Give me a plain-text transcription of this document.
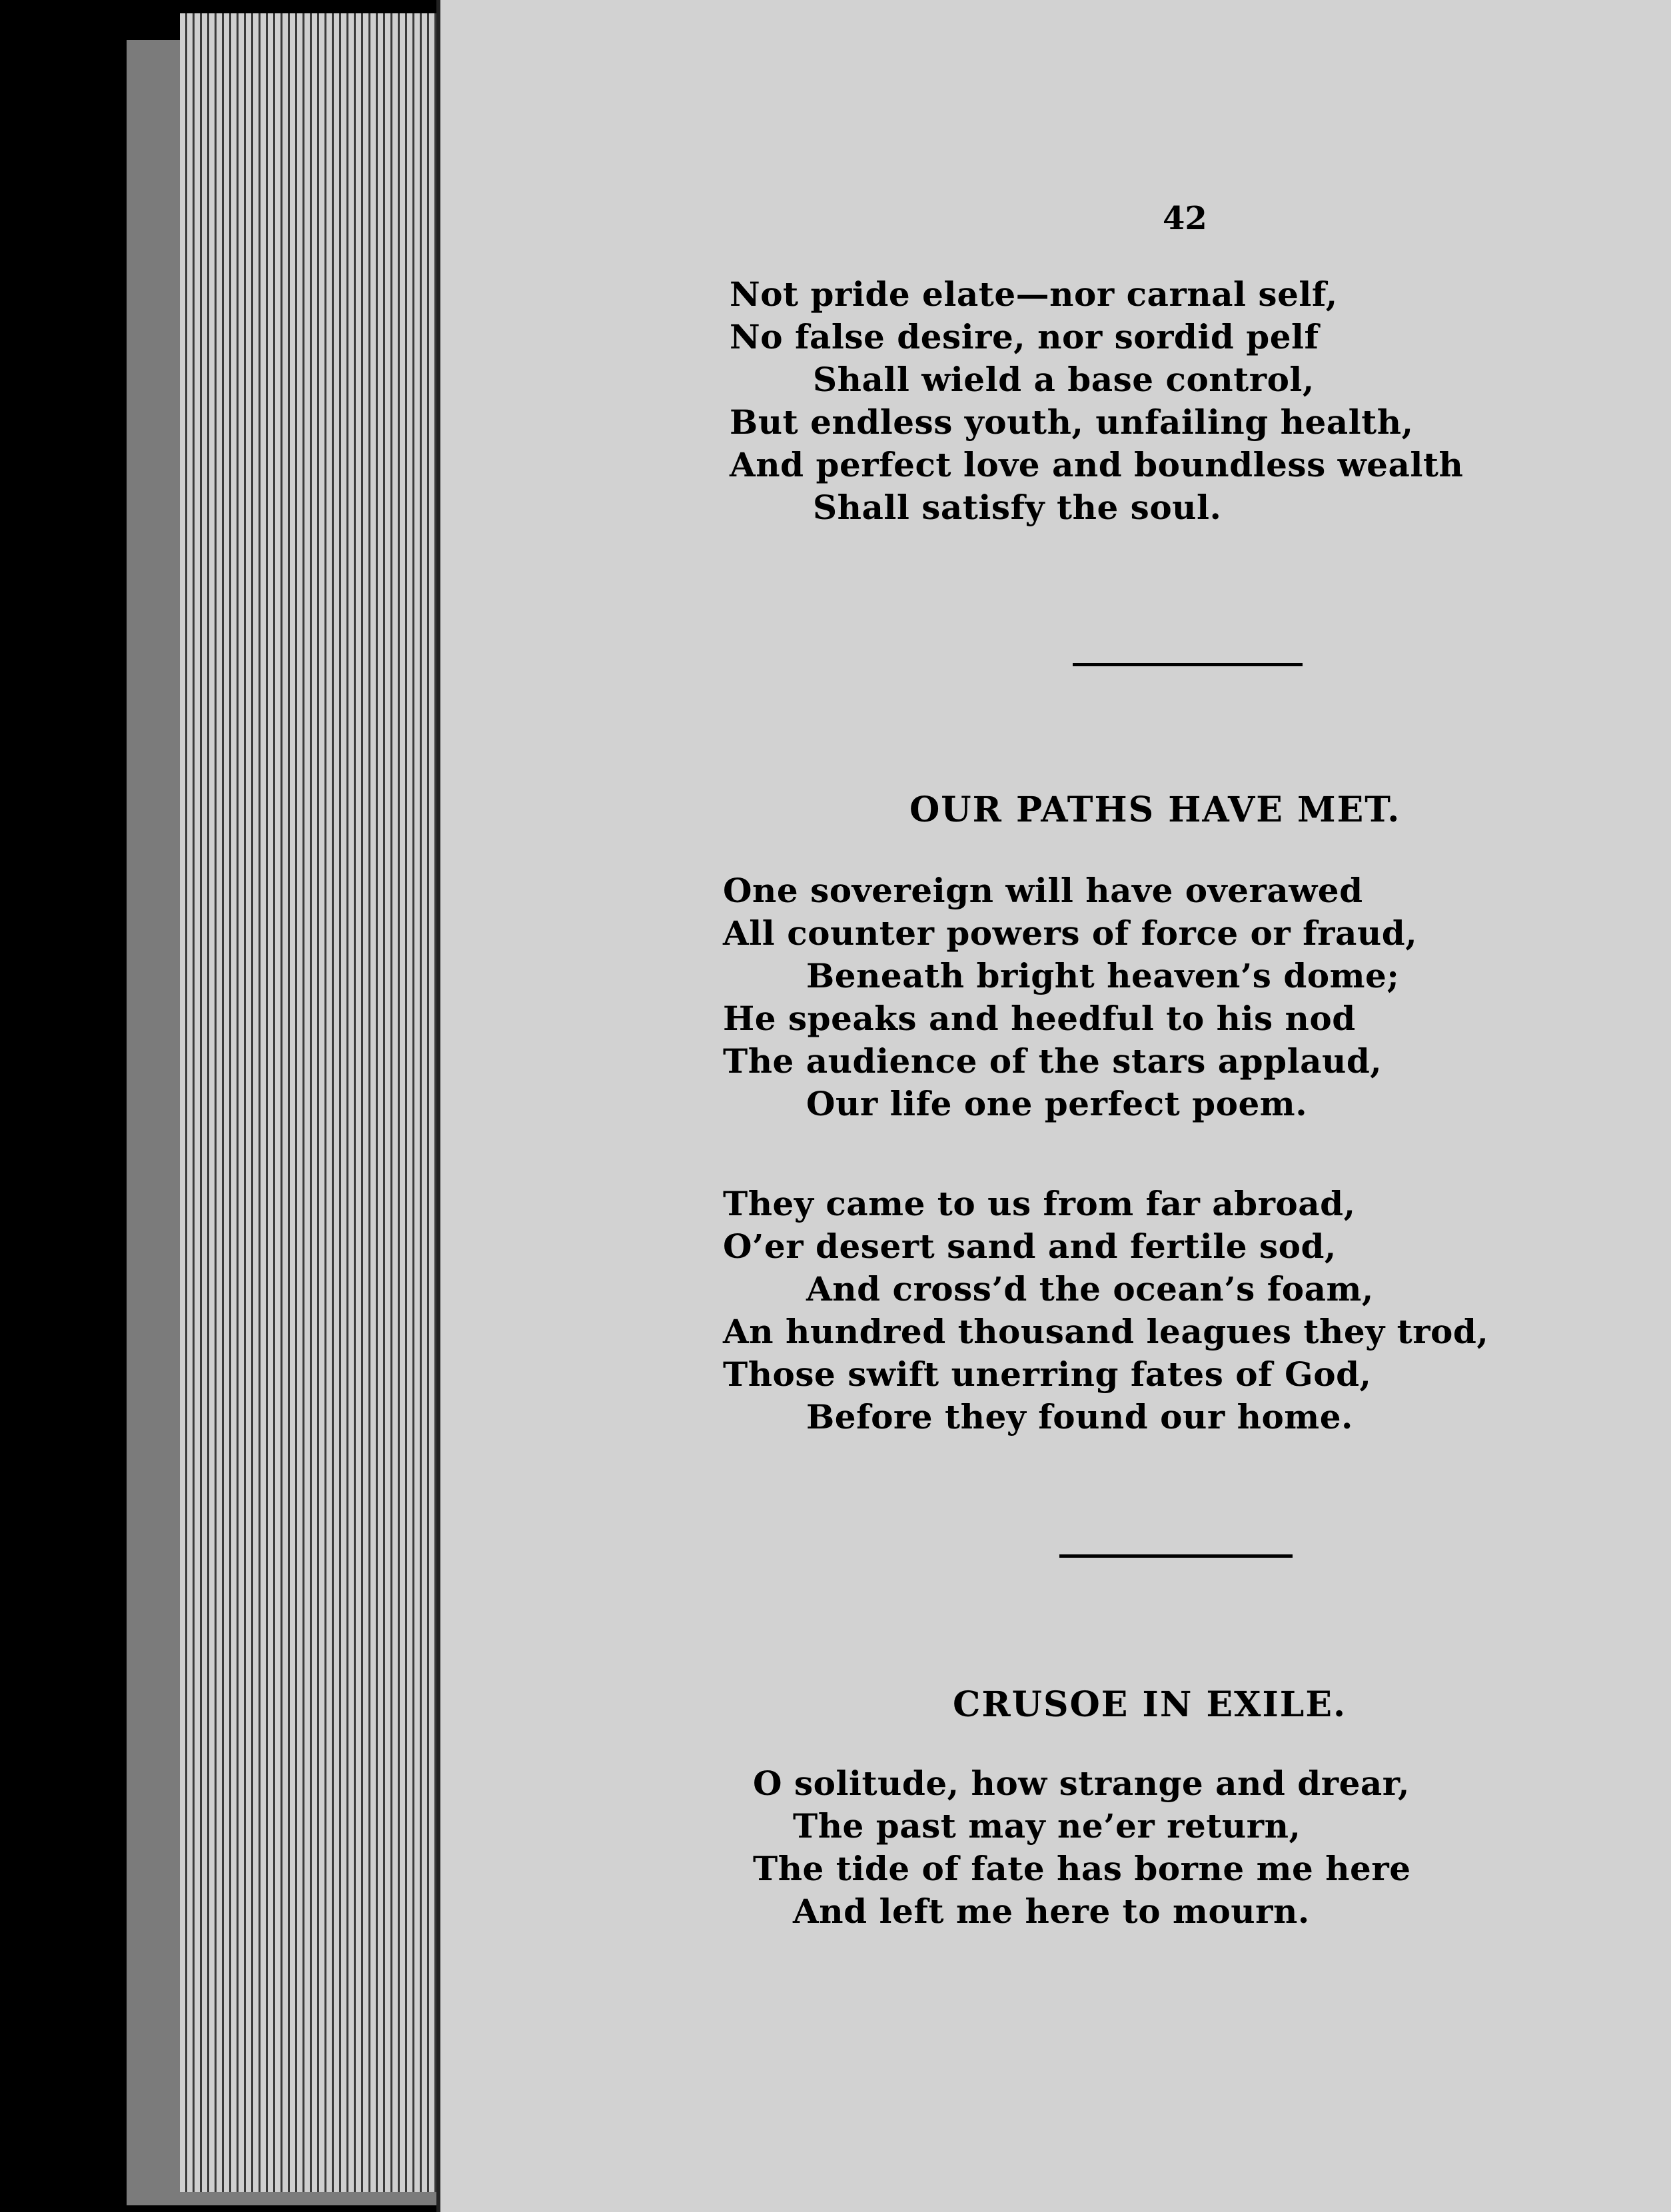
42
Not pride elate—nor carnal self,
No false desire, nor sordid pelf
Shall wield a base control,
But endless youth, unfailing health,
And perfect love and boundless wealth
Shall satisfy the soul.
OUR PATHS HAVE MET.
One sovereign will have overawed
All counter powers of force or fraud,
Beneath bright heaven’s dome;
He speaks and heedful to his nod
The audience of the stars applaud,
Our life one perfect poem.
They came to us from far abroad,
O’er desert sand and fertile sod,
And cross’d the ocean’s foam,
An hundred thousand leagues they trod,
Those swift unerring fates of God,
Before they found our home.
CRUSOE IN EXILE.
O solitude, how strange and drear,
The past may ne’er return,
The tide of fate has borne me here
And left me here to mourn.
